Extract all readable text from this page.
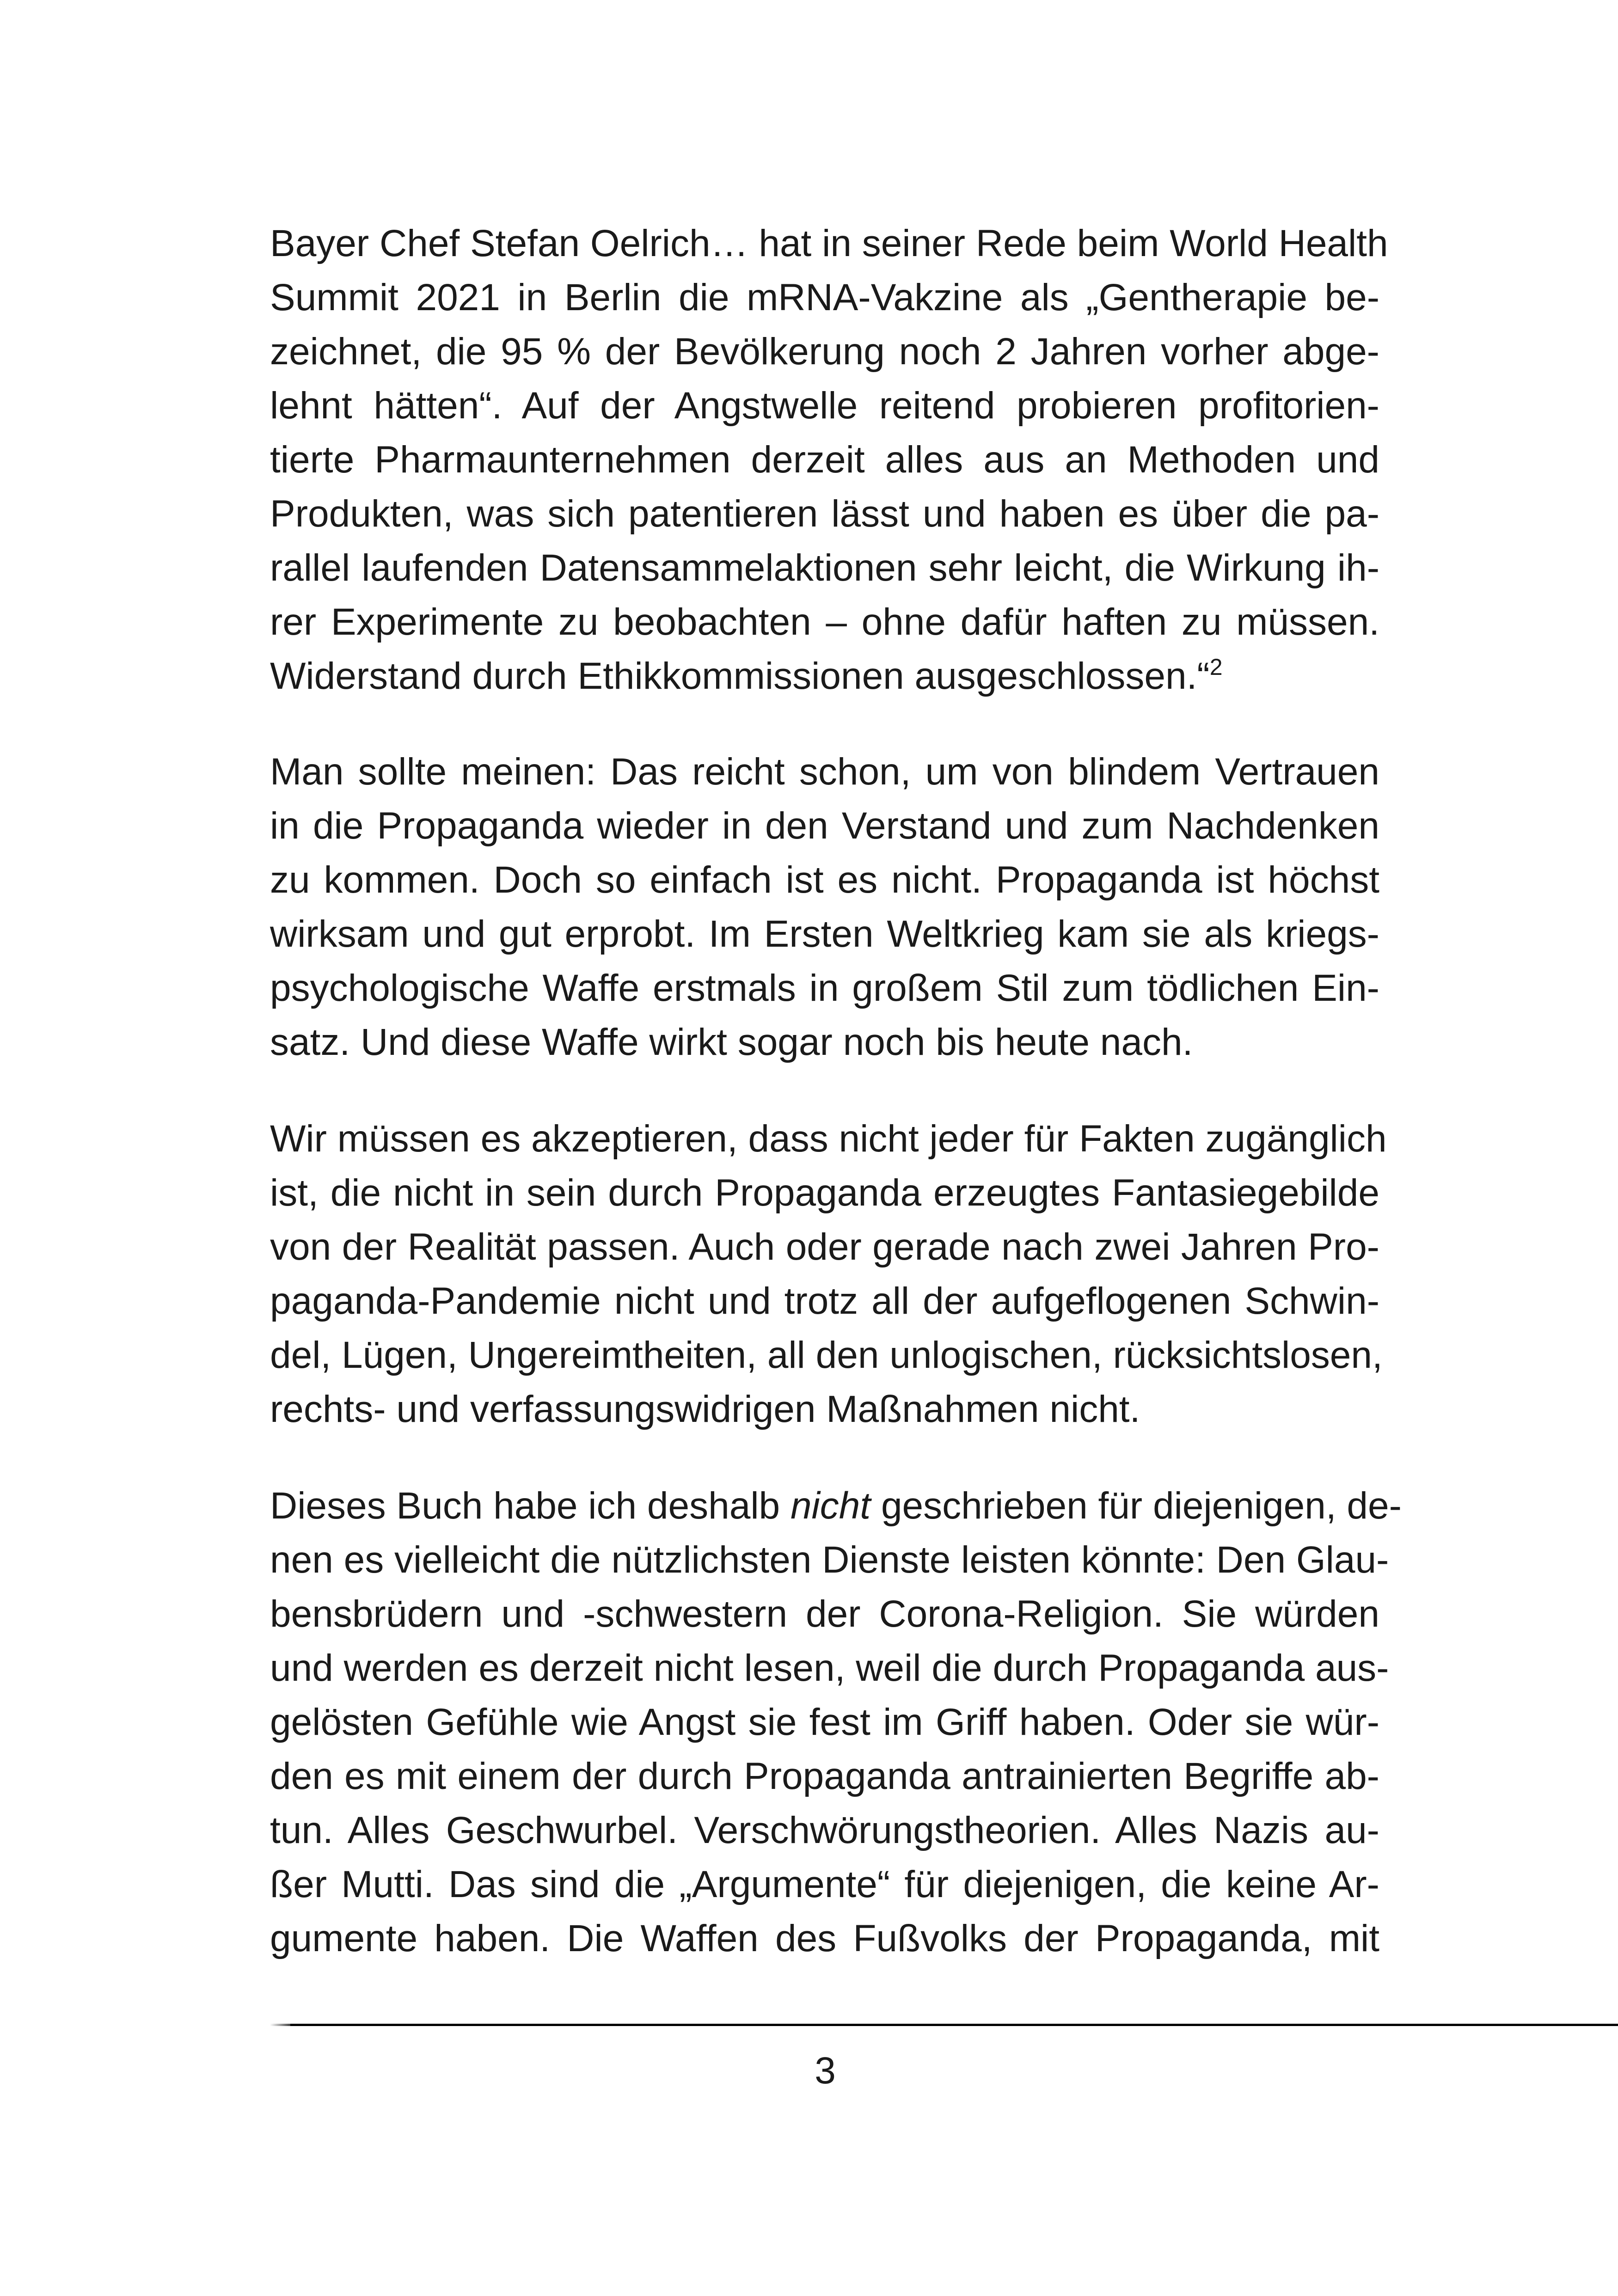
Bayer Chef Stefan Oelrich… hat in seiner Rede beim World Health
Summit 2021 in Berlin die mRNA-Vakzine als „Gentherapie be-
zeichnet, die 95 % der Bevölkerung noch 2 Jahren vorher abge-
lehnt hätten“. Auf der Angstwelle reitend probieren profitorien-
tierte Pharmaunternehmen derzeit alles aus an Methoden und
Produkten, was sich patentieren lässt und haben es über die pa-
rallel laufenden Datensammelaktionen sehr leicht, die Wirkung ih-
rer Experimente zu beobachten – ohne dafür haften zu müssen.
Widerstand durch Ethikkommissionen ausgeschlossen.“$^2$
Man sollte meinen: Das reicht schon, um von blindem Vertrauen
in die Propaganda wieder in den Verstand und zum Nachdenken
zu kommen. Doch so einfach ist es nicht. Propaganda ist höchst
wirksam und gut erprobt. Im Ersten Weltkrieg kam sie als kriegs-
psychologische Waffe erstmals in großem Stil zum tödlichen Ein-
satz. Und diese Waffe wirkt sogar noch bis heute nach.
Wir müssen es akzeptieren, dass nicht jeder für Fakten zugänglich
ist, die nicht in sein durch Propaganda erzeugtes Fantasiegebilde
von der Realität passen. Auch oder gerade nach zwei Jahren Pro-
paganda-Pandemie nicht und trotz all der aufgeflogenen Schwin-
del, Lügen, Ungereimtheiten, all den unlogischen, rücksichtslosen,
rechts- und verfassungswidrigen Maßnahmen nicht.
Dieses Buch habe ich deshalb nicht geschrieben für diejenigen, de-
nen es vielleicht die nützlichsten Dienste leisten könnte: Den Glau-
bensbrüdern und -schwestern der Corona-Religion. Sie würden
und werden es derzeit nicht lesen, weil die durch Propaganda aus-
gelösten Gefühle wie Angst sie fest im Griff haben. Oder sie wür-
den es mit einem der durch Propaganda antrainierten Begriffe ab-
tun. Alles Geschwurbel. Verschwörungstheorien. Alles Nazis au-
ßer Mutti. Das sind die „Argumente“ für diejenigen, die keine Ar-
gumente haben. Die Waffen des Fußvolks der Propaganda, mit
3
